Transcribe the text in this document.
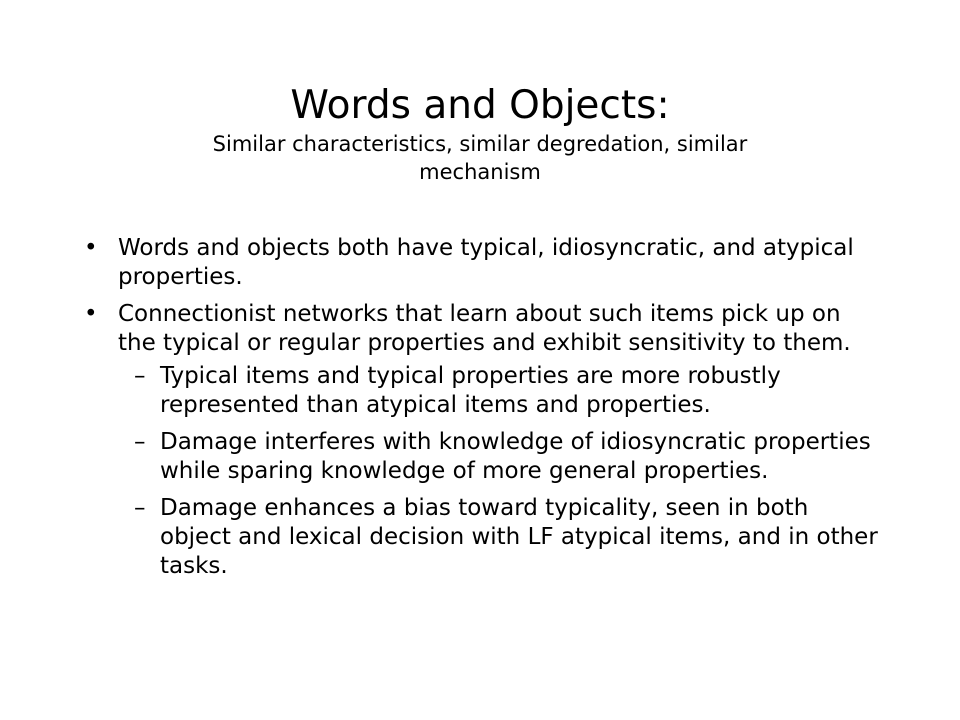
Words and Objects:

Similar characteristics, similar degredation, similar mechanism

• Words and objects both have typical, idiosyncratic, and atypical properties.
• Connectionist networks that learn about such items pick up on the typical or regular properties and exhibit sensitivity to them.
– Typical items and typical properties are more robustly represented than atypical items and properties.
– Damage interferes with knowledge of idiosyncratic properties while sparing knowledge of more general properties.
– Damage enhances a bias toward typicality, seen in both object and lexical decision with LF atypical items, and in other tasks.
